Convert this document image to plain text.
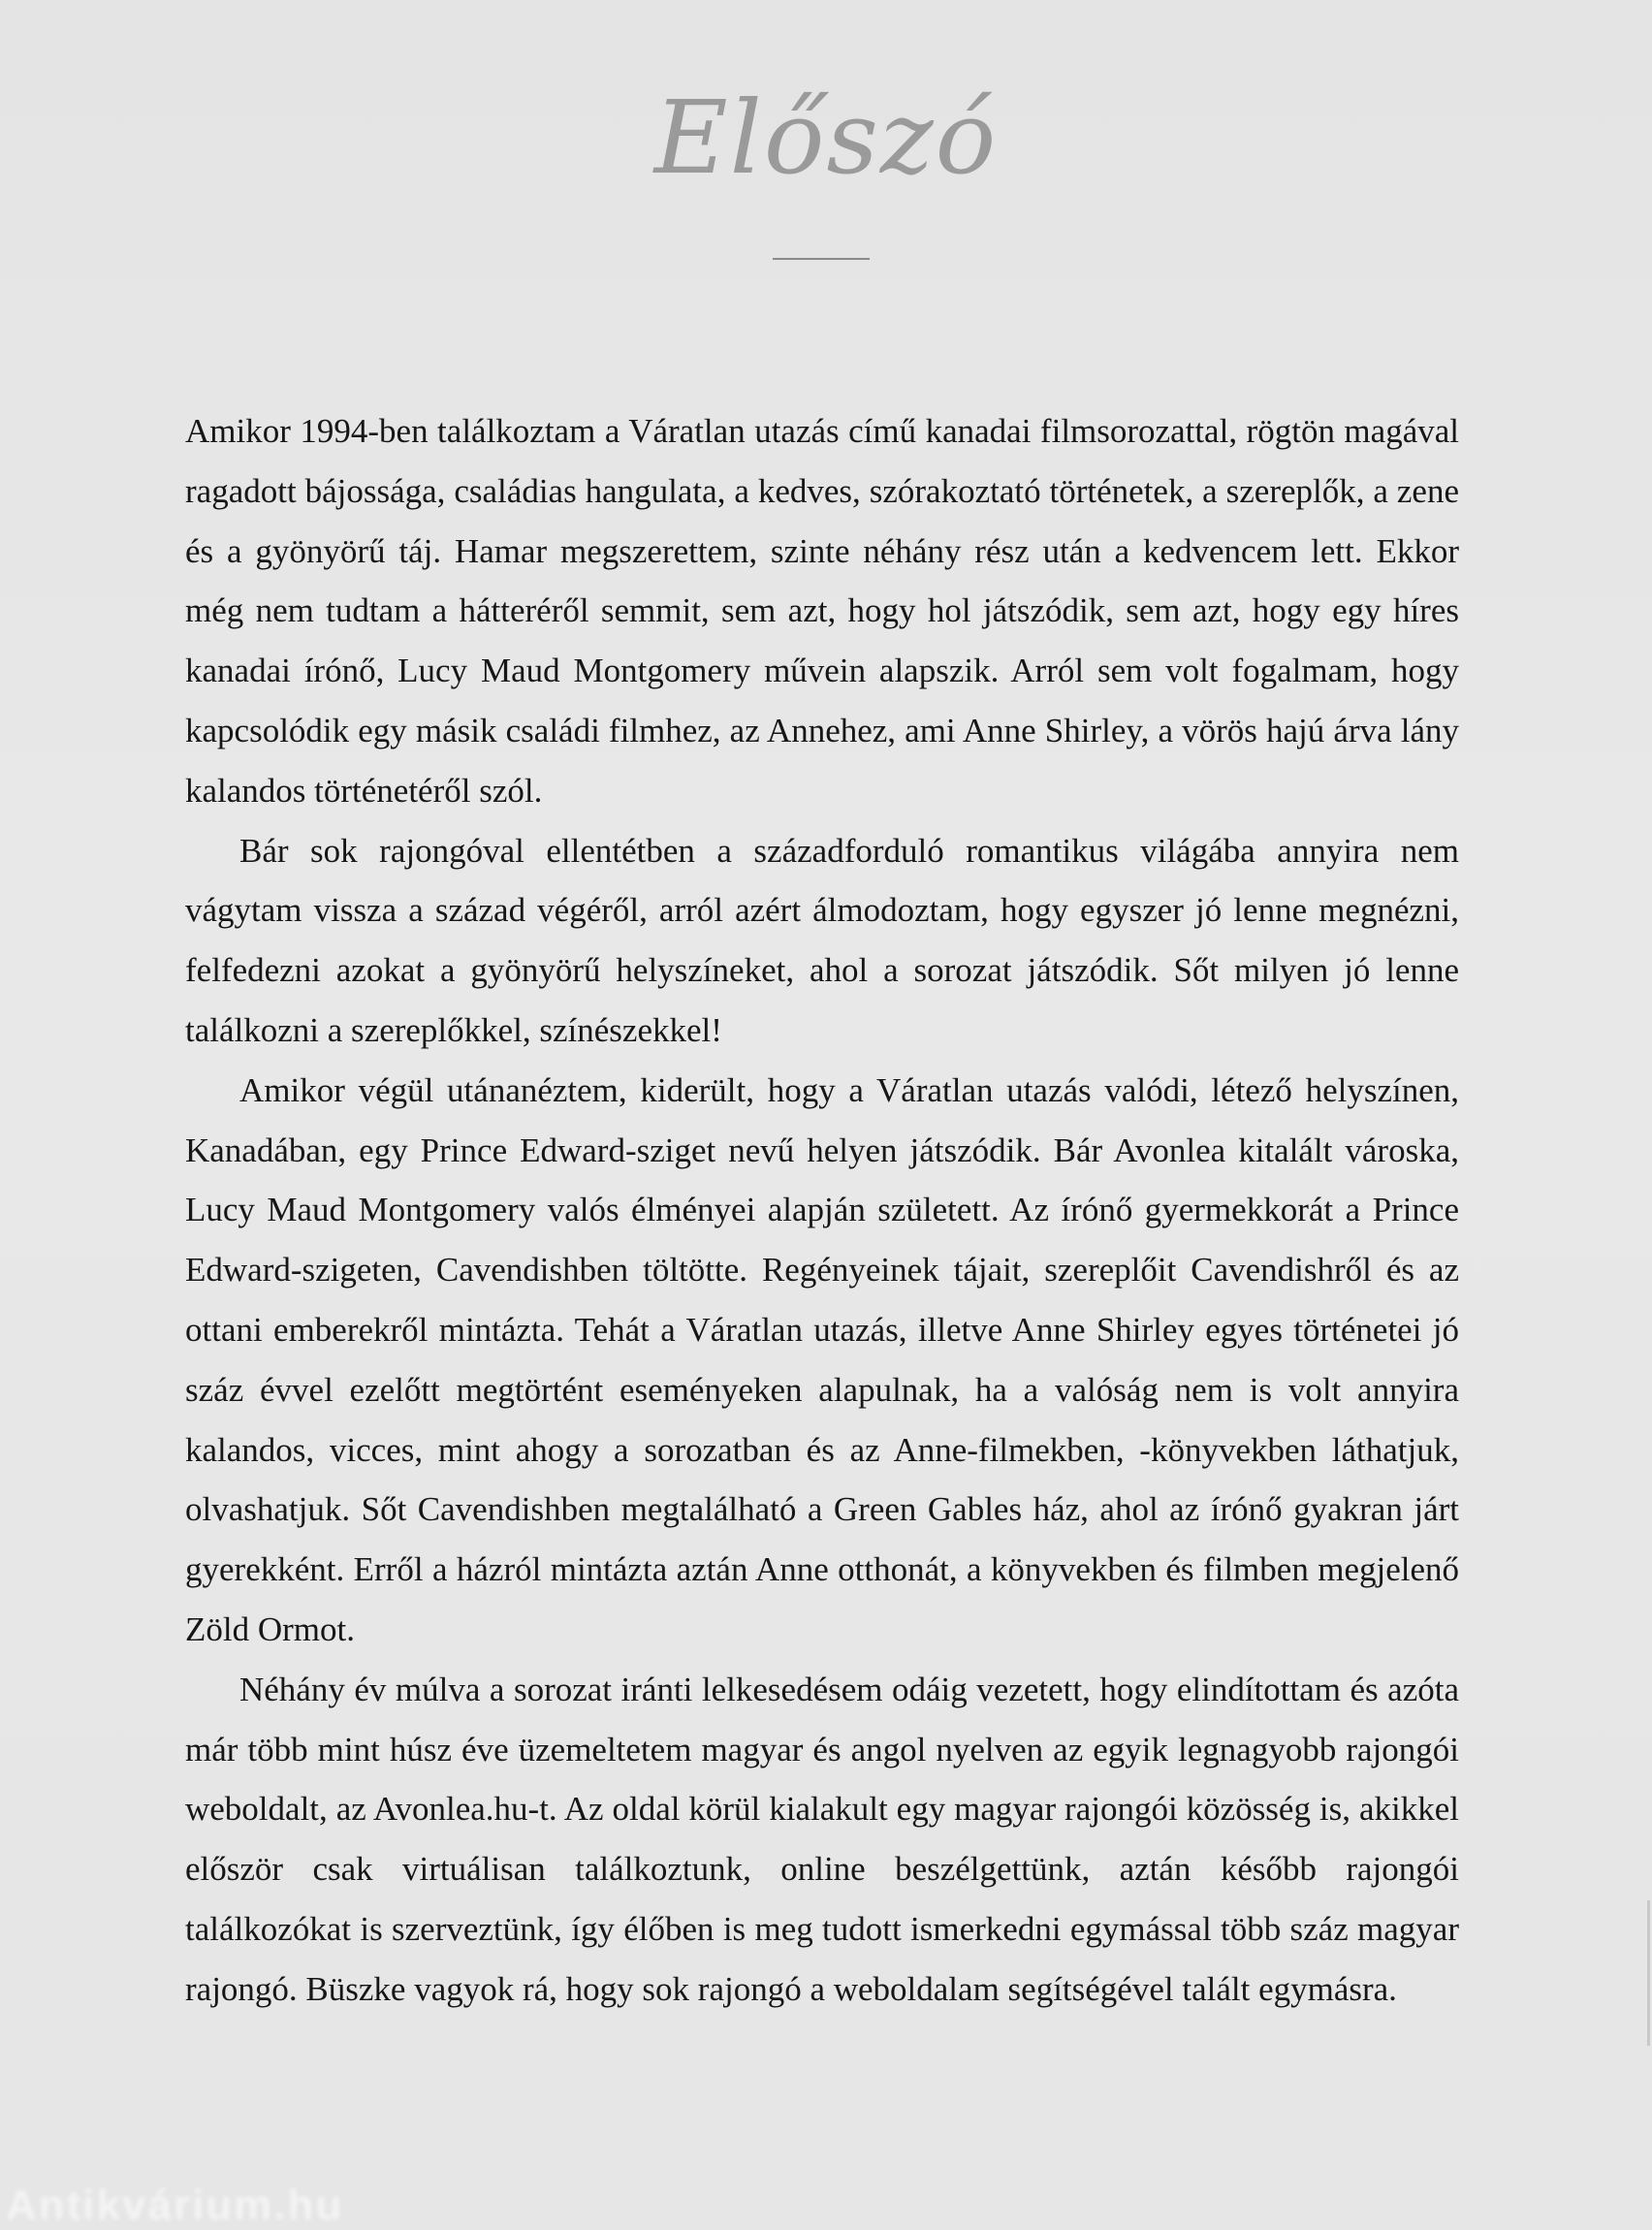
Előszó

Amikor 1994-ben találkoztam a Váratlan utazás című kanadai filmsorozattal, rögtön magával ragadott bájossága, családias hangulata, a kedves, szórakoztató történetek, a szereplők, a zene és a gyönyörű táj. Hamar megszerettem, szinte néhány rész után a kedvencem lett. Ekkor még nem tudtam a hátteréről semmit, sem azt, hogy hol játszódik, sem azt, hogy egy híres kanadai írónő, Lucy Maud Montgomery művein alapszik. Arról sem volt fogalmam, hogy kapcsolódik egy másik családi filmhez, az Annehez, ami Anne Shirley, a vörös hajú árva lány kalandos történetéről szól.

Bár sok rajongóval ellentétben a századforduló romantikus világába annyira nem vágytam vissza a század végéről, arról azért álmodoztam, hogy egyszer jó lenne megnézni, felfedezni azokat a gyönyörű helyszíneket, ahol a sorozat játszódik. Sőt milyen jó lenne találkozni a szereplőkkel, színészekkel!

Amikor végül utánanéztem, kiderült, hogy a Váratlan utazás valódi, létező helyszínen, Kanadában, egy Prince Edward-sziget nevű helyen játszódik. Bár Avonlea kitalált városka, Lucy Maud Montgomery valós élményei alapján született. Az írónő gyermekkorát a Prince Edward-szigeten, Cavendishben töltötte. Regényeinek tájait, szereplőit Cavendishről és az ottani emberekről mintázta. Tehát a Váratlan utazás, illetve Anne Shirley egyes történetei jó száz évvel ezelőtt megtörtént eseményeken alapulnak, ha a valóság nem is volt annyira kalandos, vicces, mint ahogy a sorozatban és az Anne-filmekben, -könyvekben láthatjuk, olvashatjuk. Sőt Cavendishben megtalálható a Green Gables ház, ahol az írónő gyakran járt gyerekként. Erről a házról mintázta aztán Anne otthonát, a könyvekben és filmben megjelenő Zöld Ormot.

Néhány év múlva a sorozat iránti lelkesedésem odáig vezetett, hogy elindítottam és azóta már több mint húsz éve üzemeltetem magyar és angol nyelven az egyik legnagyobb rajongói weboldalt, az Avonlea.hu-t. Az oldal körül kialakult egy magyar rajongói közösség is, akikkel először csak virtuálisan találkoztunk, online beszélgettünk, aztán később rajongói találkozókat is szerveztünk, így élőben is meg tudott ismerkedni egymással több száz magyar rajongó. Büszke vagyok rá, hogy sok rajongó a weboldalam segítségével talált egymásra.

Antikvárium.hu
